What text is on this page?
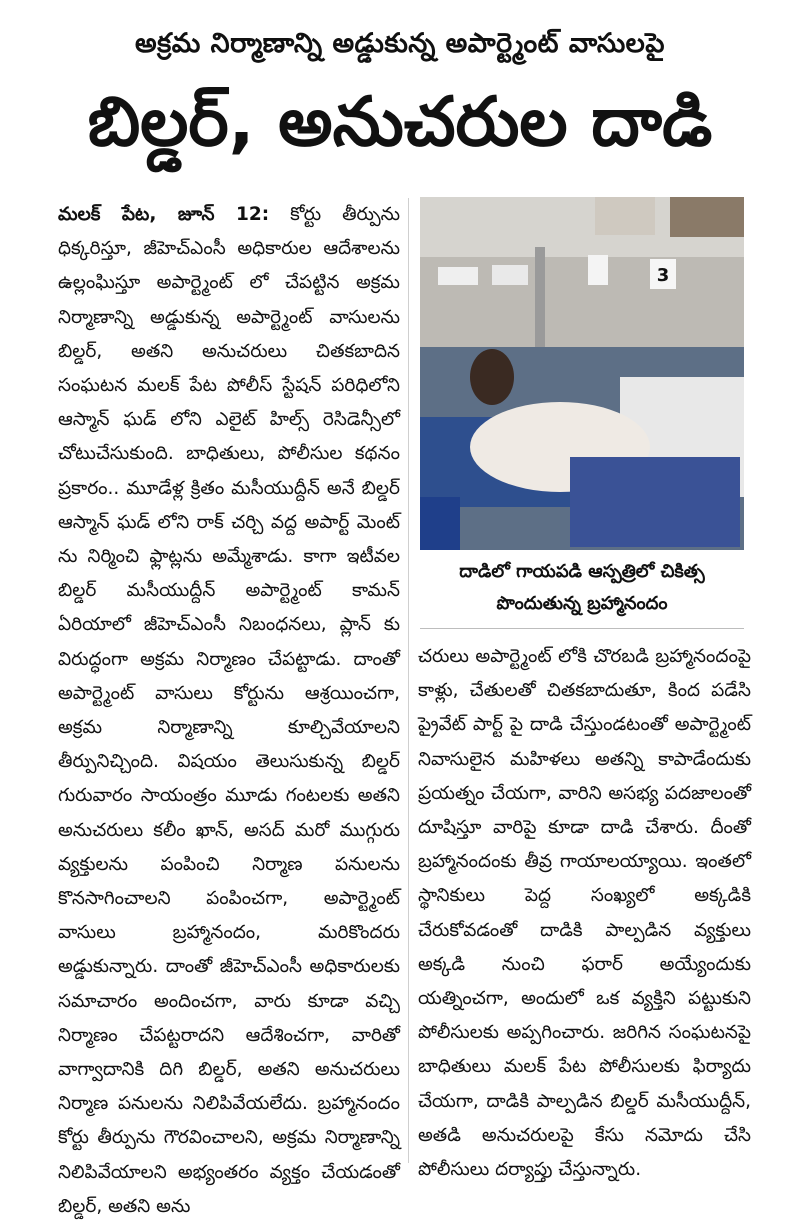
అక్రమ నిర్మాణాన్ని అడ్డుకున్న అపార్ట్మెంట్ వాసులపై
బిల్డర్, అనుచరుల దాడి

మలక్ పేట, జూన్ 12: కోర్టు తీర్పును ధిక్కరిస్తూ, జీహెచ్ఎంసీ అధికారుల ఆదేశాలను ఉల్లంఘిస్తూ అపార్ట్మెంట్ లో చేపట్టిన అక్రమ నిర్మాణాన్ని అడ్డుకున్న అపార్ట్మెంట్ వాసులను బిల్డర్, అతని అనుచరులు చితకబాదిన సంఘటన మలక్ పేట పోలీస్ స్టేషన్ పరిధిలోని ఆస్మాన్ ఘడ్ లోని ఎలైట్ హిల్స్ రెసిడెన్సీలో చోటుచేసుకుంది. బాధితులు, పోలీసుల కథనం ప్రకారం.. మూడేళ్ల క్రితం మసీయుద్దీన్ అనే బిల్డర్ ఆస్మాన్ ఘడ్ లోని రాక్ చర్చి వద్ద అపార్ట్ మెంట్ ను నిర్మించి ఫ్లాట్లను అమ్మేశాడు. కాగా ఇటీవల బిల్డర్ మసీయుద్దీన్ అపార్ట్మెంట్ కామన్ ఏరియాలో జీహెచ్ఎంసీ నిబంధనలు, ప్లాన్ కు విరుద్ధంగా అక్రమ నిర్మాణం చేపట్టాడు. దాంతో అపార్ట్మెంట్ వాసులు కోర్టును ఆశ్రయించగా, అక్రమ నిర్మాణాన్ని కూల్చివేయాలని తీర్పునిచ్చింది. విషయం తెలుసుకున్న బిల్డర్ గురువారం సాయంత్రం మూడు గంటలకు అతని అనుచరులు కలీం ఖాన్, అసద్ మరో ముగ్గురు వ్యక్తులను పంపించి నిర్మాణ పనులను కొనసాగించాలని పంపించగా, అపార్ట్మెంట్ వాసులు బ్రహ్మానందం, మరికొందరు అడ్డుకున్నారు. దాంతో జీహెచ్ఎంసీ అధికారులకు సమాచారం అందించగా, వారు కూడా వచ్చి నిర్మాణం చేపట్టరాదని ఆదేశించగా, వారితో వాగ్వాదానికి దిగి బిల్డర్, అతని అనుచరులు నిర్మాణ పనులను నిలిపివేయలేదు. బ్రహ్మానందం కోర్టు తీర్పును గౌరవించాలని, అక్రమ నిర్మాణాన్ని నిలిపివేయాలని అభ్యంతరం వ్యక్తం చేయడంతో బిల్డర్, అతని అను

3
దాడిలో గాయపడి ఆస్పత్రిలో చికిత్స
పొందుతున్న బ్రహ్మానందం

చరులు అపార్ట్మెంట్ లోకి చొరబడి బ్రహ్మానందంపై కాళ్లు, చేతులతో చితకబాదుతూ, కింద పడేసి ప్రైవేట్ పార్ట్ పై దాడి చేస్తుండటంతో అపార్ట్మెంట్ నివాసులైన మహిళలు అతన్ని కాపాడేందుకు ప్రయత్నం చేయగా, వారిని అసభ్య పదజాలంతో దూషిస్తూ వారిపై కూడా దాడి చేశారు. దీంతో బ్రహ్మానందంకు తీవ్ర గాయాలయ్యాయి. ఇంతలో స్థానికులు పెద్ద సంఖ్యలో అక్కడికి చేరుకోవడంతో దాడికి పాల్పడిన వ్యక్తులు అక్కడి నుంచి ఫరార్ అయ్యేందుకు యత్నించగా, అందులో ఒక వ్యక్తిని పట్టుకుని పోలీసులకు అప్పగించారు. జరిగిన సంఘటనపై బాధితులు మలక్ పేట పోలీసులకు ఫిర్యాదు చేయగా, దాడికి పాల్పడిన బిల్డర్ మసీయుద్దీన్, అతడి అనుచరులపై కేసు నమోదు చేసి పోలీసులు దర్యాప్తు చేస్తున్నారు.
